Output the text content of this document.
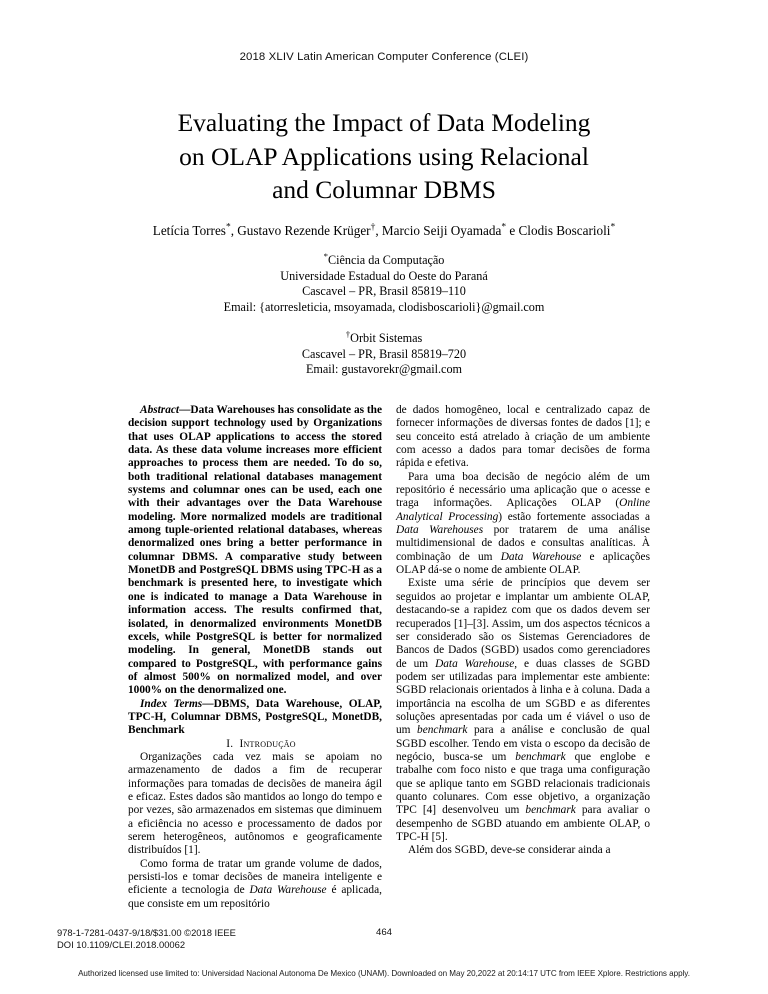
2018 XLIV Latin American Computer Conference (CLEI)
Evaluating the Impact of Data Modeling
on OLAP Applications using Relacional
and Columnar DBMS
Letícia Torres*, Gustavo Rezende Krüger†, Marcio Seiji Oyamada* e Clodis Boscarioli*
*Ciência da Computação
Universidade Estadual do Oeste do Paraná
Cascavel – PR, Brasil 85819–110
Email: {atorresleticia, msoyamada, clodisboscarioli}@gmail.com
†Orbit Sistemas
Cascavel – PR, Brasil 85819–720
Email: gustavorekr@gmail.com

Abstract—Data Warehouses has consolidate as the decision support technology used by Organizations that uses OLAP applications to access the stored data. As these data volume increases more efficient approaches to process them are needed. To do so, both traditional relational databases management systems and columnar ones can be used, each one with their advantages over the Data Warehouse modeling. More normalized models are traditional among tuple-oriented relational databases, whereas denormalized ones bring a better performance in columnar DBMS. A comparative study between MonetDB and PostgreSQL DBMS using TPC-H as a benchmark is presented here, to investigate which one is indicated to manage a Data Warehouse in information access. The results confirmed that, isolated, in denormalized environments MonetDB excels, while PostgreSQL is better for normalized modeling. In general, MonetDB stands out compared to PostgreSQL, with performance gains of almost 500% on normalized model, and over 1000% on the denormalized one.

Index Terms—DBMS, Data Warehouse, OLAP, TPC-H, Columnar DBMS, PostgreSQL, MonetDB, Benchmark

I. Introdução

Organizações cada vez mais se apoiam no armazenamento de dados a fim de recuperar informações para tomadas de decisões de maneira ágil e eficaz. Estes dados são mantidos ao longo do tempo e por vezes, são armazenados em sistemas que diminuem a eficiência no acesso e processamento de dados por serem heterogêneos, autônomos e geograficamente distribuídos [1].

Como forma de tratar um grande volume de dados, persisti-los e tomar decisões de maneira inteligente e eficiente a tecnologia de Data Warehouse é aplicada, que consiste em um repositório

de dados homogêneo, local e centralizado capaz de fornecer informações de diversas fontes de dados [1]; e seu conceito está atrelado à criação de um ambiente com acesso a dados para tomar decisões de forma rápida e efetiva.

Para uma boa decisão de negócio além de um repositório é necessário uma aplicação que o acesse e traga informações. Aplicações OLAP (Online Analytical Processing) estão fortemente associadas a Data Warehouses por tratarem de uma análise multidimensional de dados e consultas analíticas. À combinação de um Data Warehouse e aplicações OLAP dá-se o nome de ambiente OLAP.

Existe uma série de princípios que devem ser seguidos ao projetar e implantar um ambiente OLAP, destacando-se a rapidez com que os dados devem ser recuperados [1]–[3]. Assim, um dos aspectos técnicos a ser considerado são os Sistemas Gerenciadores de Bancos de Dados (SGBD) usados como gerenciadores de um Data Warehouse, e duas classes de SGBD podem ser utilizadas para implementar este ambiente: SGBD relacionais orientados à linha e à coluna. Dada a importância na escolha de um SGBD e as diferentes soluções apresentadas por cada um é viável o uso de um benchmark para a análise e conclusão de qual SGBD escolher. Tendo em vista o escopo da decisão de negócio, busca-se um benchmark que englobe e trabalhe com foco nisto e que traga uma configuração que se aplique tanto em SGBD relacionais tradicionais quanto colunares. Com esse objetivo, a organização TPC [4] desenvolveu um benchmark para avaliar o desempenho de SGBD atuando em ambiente OLAP, o TPC-H [5].

Além dos SGBD, deve-se considerar ainda a

978-1-7281-0437-9/18/$31.00 ©2018 IEEE
DOI 10.1109/CLEI.2018.00062
464
Authorized licensed use limited to: Universidad Nacional Autonoma De Mexico (UNAM). Downloaded on May 20,2022 at 20:14:17 UTC from IEEE Xplore. Restrictions apply.
